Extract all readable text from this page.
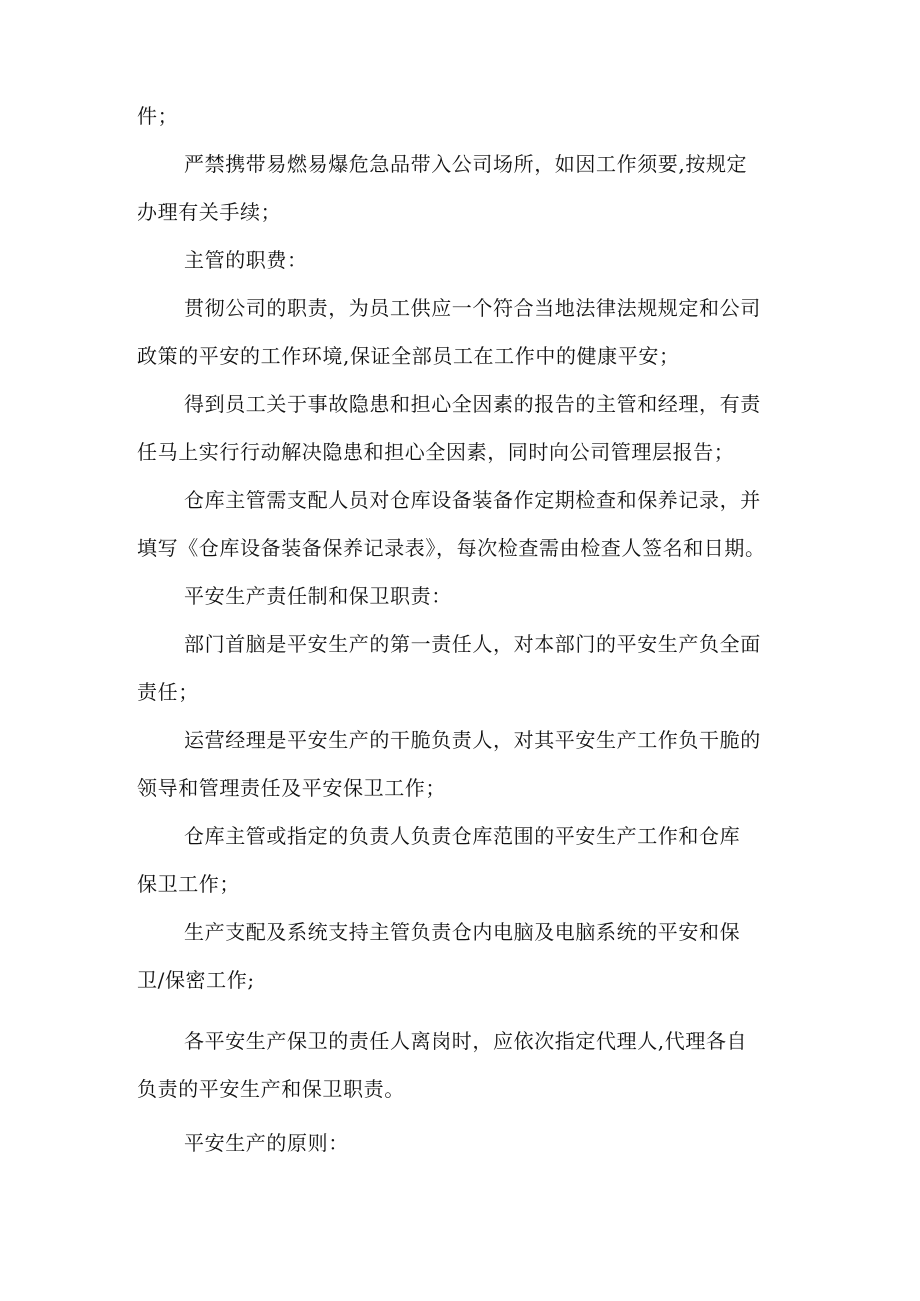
件；
严禁携带易燃易爆危急品带入公司场所，如因工作须要,按规定
办理有关手续；
主管的职费：
贯彻公司的职责，为员工供应一个符合当地法律法规规定和公司
政策的平安的工作环境,保证全部员工在工作中的健康平安；
得到员工关于事故隐患和担心全因素的报告的主管和经理，有责
任马上实行行动解决隐患和担心全因素，同时向公司管理层报告；
仓库主管需支配人员对仓库设备装备作定期检查和保养记录，并
填写《仓库设备装备保养记录表》，每次检查需由检查人签名和日期。
平安生产责任制和保卫职责：
部门首脑是平安生产的第一责任人，对本部门的平安生产负全面
责任；
运营经理是平安生产的干脆负责人，对其平安生产工作负干脆的
领导和管理责任及平安保卫工作；
仓库主管或指定的负责人负责仓库范围的平安生产工作和仓库
保卫工作；
生产支配及系统支持主管负责仓内电脑及电脑系统的平安和保
卫/保密工作;
各平安生产保卫的责任人离岗时，应依次指定代理人,代理各自
负责的平安生产和保卫职责。
平安生产的原则：
